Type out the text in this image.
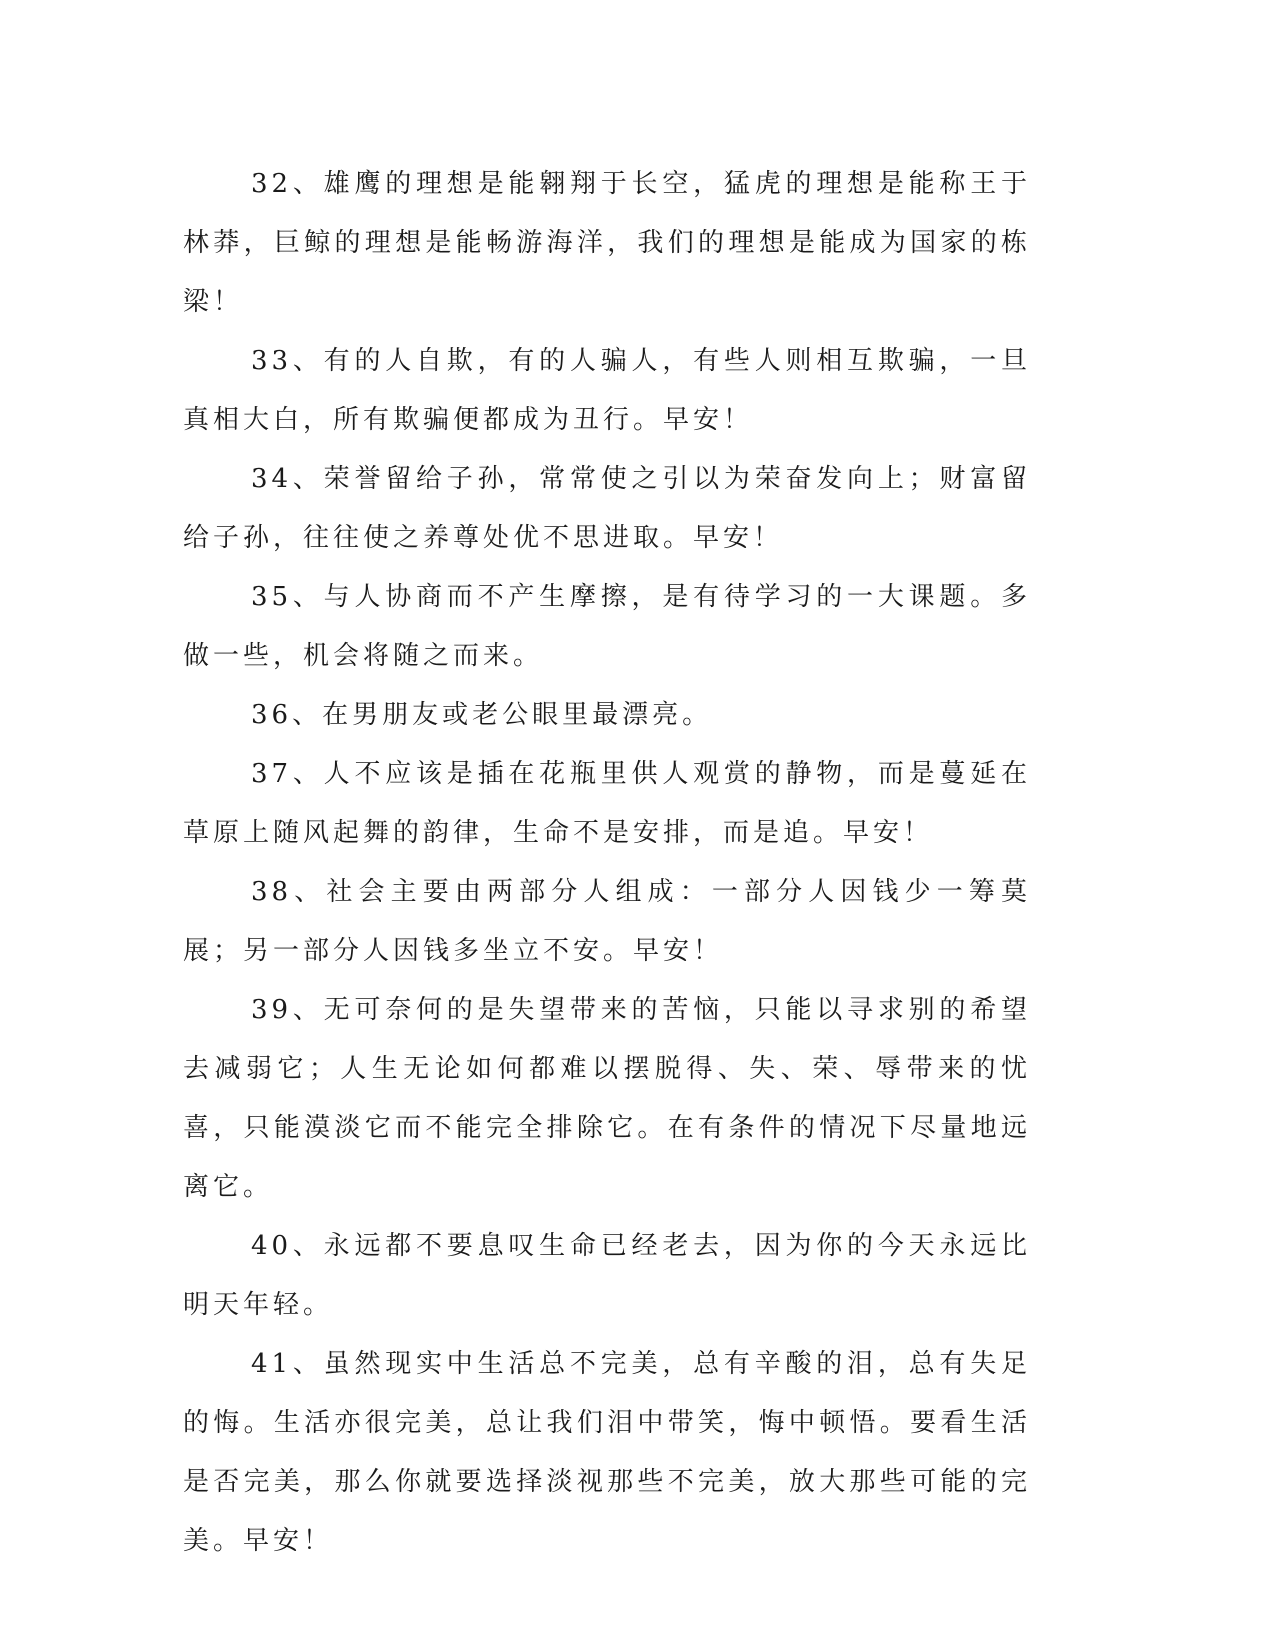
32、雄鹰的理想是能翱翔于长空，猛虎的理想是能称王于林莽，巨鲸的理想是能畅游海洋，我们的理想是能成为国家的栋梁！

33、有的人自欺，有的人骗人，有些人则相互欺骗，一旦真相大白，所有欺骗便都成为丑行。早安！

34、荣誉留给子孙，常常使之引以为荣奋发向上；财富留给子孙，往往使之养尊处优不思进取。早安！

35、与人协商而不产生摩擦，是有待学习的一大课题。多做一些，机会将随之而来。

36、在男朋友或老公眼里最漂亮。

37、人不应该是插在花瓶里供人观赏的静物，而是蔓延在草原上随风起舞的韵律，生命不是安排，而是追。早安！

38、社会主要由两部分人组成：一部分人因钱少一筹莫展；另一部分人因钱多坐立不安。早安！

39、无可奈何的是失望带来的苦恼，只能以寻求别的希望去减弱它；人生无论如何都难以摆脱得、失、荣、辱带来的忧喜，只能漠淡它而不能完全排除它。在有条件的情况下尽量地远离它。

40、永远都不要息叹生命已经老去，因为你的今天永远比明天年轻。

41、虽然现实中生活总不完美，总有辛酸的泪，总有失足的悔。生活亦很完美，总让我们泪中带笑，悔中顿悟。要看生活是否完美，那么你就要选择淡视那些不完美，放大那些可能的完美。早安！
